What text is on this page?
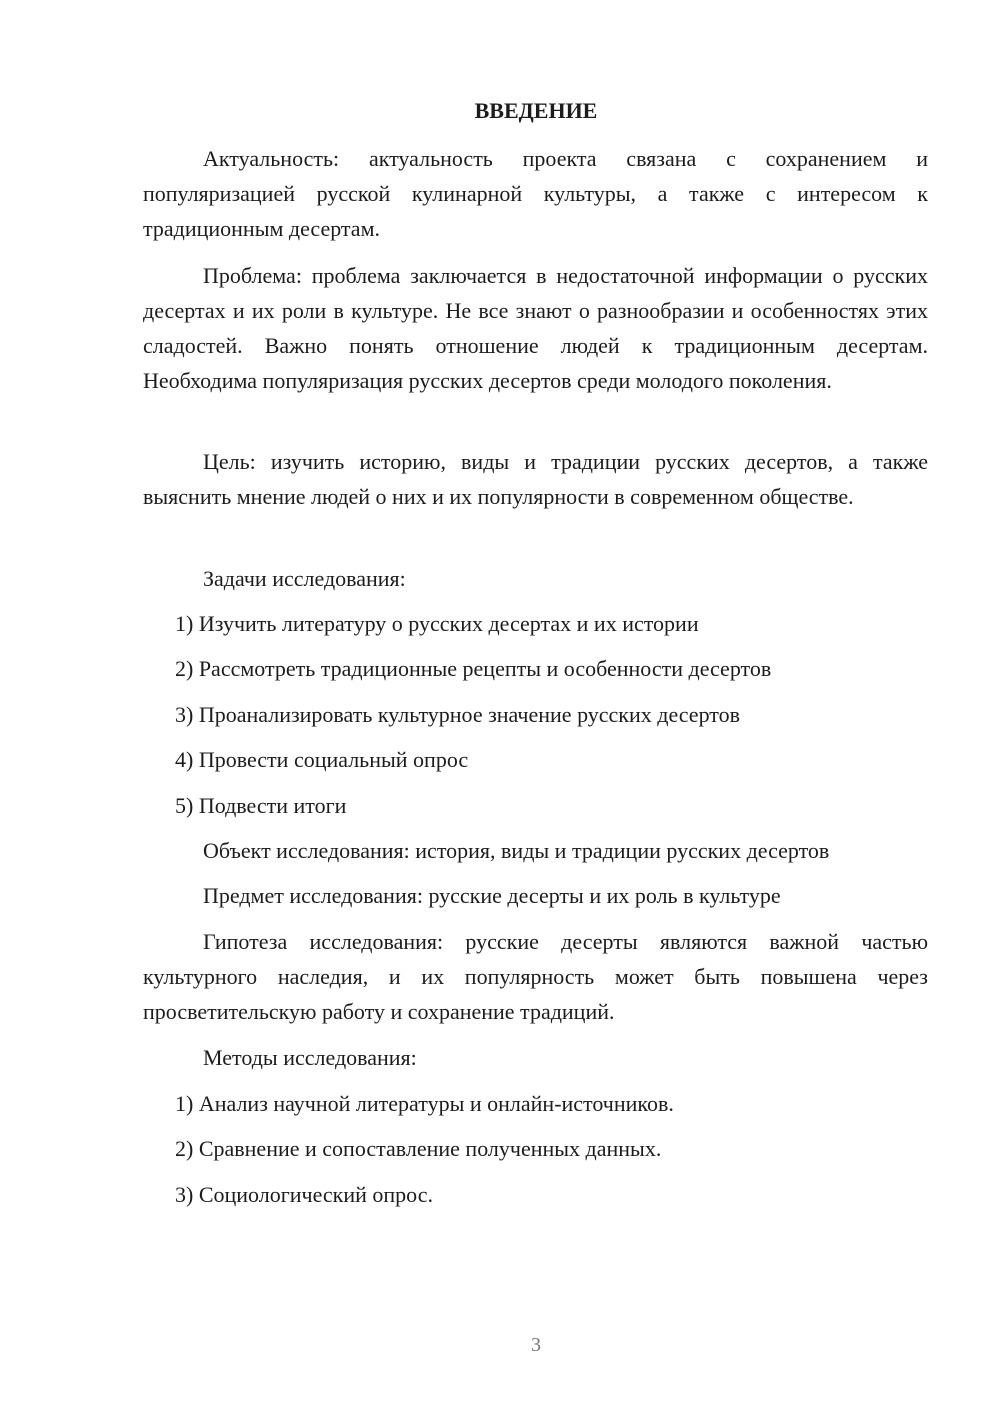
ВВЕДЕНИЕ

Актуальность: актуальность проекта связана с сохранением и популяризацией русской кулинарной культуры, а также с интересом к традиционным десертам.

Проблема: проблема заключается в недостаточной информации о русских десертах и их роли в культуре. Не все знают о разнообразии и особенностях этих сладостей. Важно понять отношение людей к традиционным десертам. Необходима популяризация русских десертов среди молодого поколения.

Цель: изучить историю, виды и традиции русских десертов, а также выяснить мнение людей о них и их популярности в современном обществе.

Задачи исследования:

1) Изучить литературу о русских десертах и их истории

2) Рассмотреть традиционные рецепты и особенности десертов

3) Проанализировать культурное значение русских десертов

4) Провести социальный опрос

5) Подвести итоги

Объект исследования: история, виды и традиции русских десертов

Предмет исследования: русские десерты и их роль в культуре

Гипотеза исследования: русские десерты являются важной частью культурного наследия, и их популярность может быть повышена через просветительскую работу и сохранение традиций.

Методы исследования:

1) Анализ научной литературы и онлайн-источников.

2) Сравнение и сопоставление полученных данных.

3) Социологический опрос.

3
